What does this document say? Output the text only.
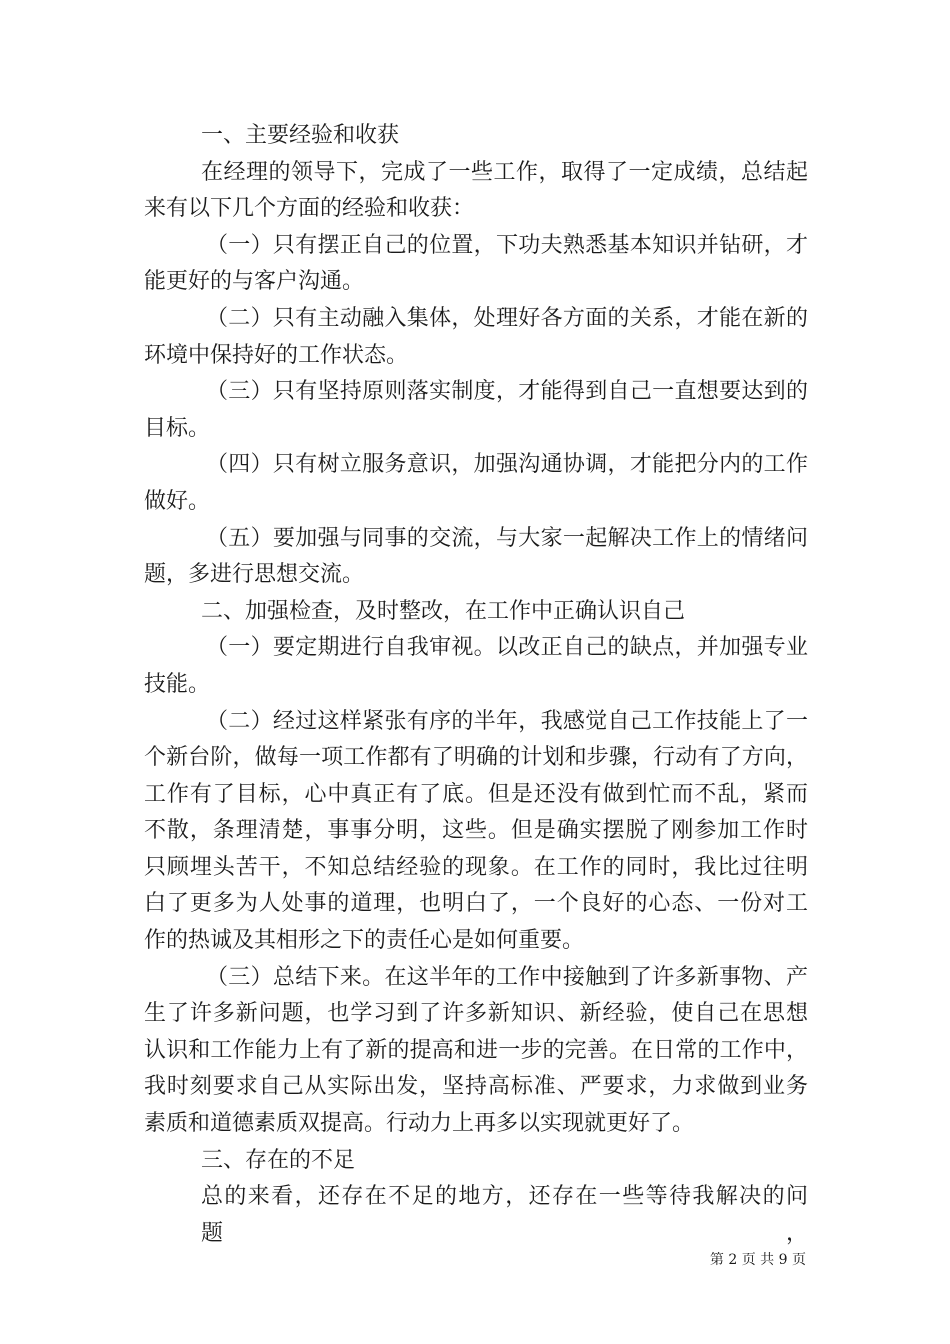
一、主要经验和收获
在经理的领导下，完成了一些工作，取得了一定成绩，总结起
来有以下几个方面的经验和收获：
（一）只有摆正自己的位置，下功夫熟悉基本知识并钻研，才
能更好的与客户沟通。
（二）只有主动融入集体，处理好各方面的关系，才能在新的
环境中保持好的工作状态。
（三）只有坚持原则落实制度，才能得到自己一直想要达到的
目标。
（四）只有树立服务意识，加强沟通协调，才能把分内的工作
做好。
（五）要加强与同事的交流，与大家一起解决工作上的情绪问
题，多进行思想交流。
二、加强检查，及时整改，在工作中正确认识自己
（一）要定期进行自我审视。以改正自己的缺点，并加强专业
技能。
（二）经过这样紧张有序的半年，我感觉自己工作技能上了一
个新台阶，做每一项工作都有了明确的计划和步骤，行动有了方向，
工作有了目标，心中真正有了底。但是还没有做到忙而不乱，紧而
不散，条理清楚，事事分明，这些。但是确实摆脱了刚参加工作时
只顾埋头苦干，不知总结经验的现象。在工作的同时，我比过往明
白了更多为人处事的道理，也明白了，一个良好的心态、一份对工
作的热诚及其相形之下的责任心是如何重要。
（三）总结下来。在这半年的工作中接触到了许多新事物、产
生了许多新问题，也学习到了许多新知识、新经验，使自己在思想
认识和工作能力上有了新的提高和进一步的完善。在日常的工作中，
我时刻要求自己从实际出发，坚持高标准、严要求，力求做到业务
素质和道德素质双提高。行动力上再多以实现就更好了。
三、存在的不足
总的来看，还存在不足的地方，还存在一些等待我解决的问题，
第 2 页 共 9 页
